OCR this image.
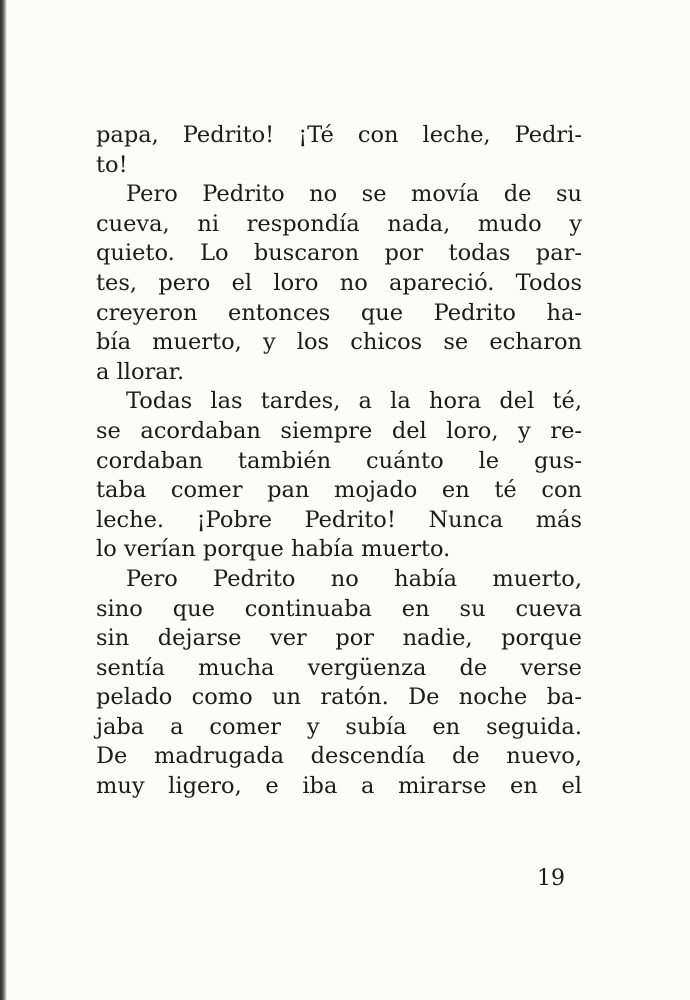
papa, Pedrito! ¡Té con leche, Pedri-
to!
Pero Pedrito no se movía de su
cueva, ni respondía nada, mudo y
quieto. Lo buscaron por todas par-
tes, pero el loro no apareció. Todos
creyeron entonces que Pedrito ha-
bía muerto, y los chicos se echaron
a llorar.
Todas las tardes, a la hora del té,
se acordaban siempre del loro, y re-
cordaban también cuánto le gus-
taba comer pan mojado en té con
leche. ¡Pobre Pedrito! Nunca más
lo verían porque había muerto.
Pero Pedrito no había muerto,
sino que continuaba en su cueva
sin dejarse ver por nadie, porque
sentía mucha vergüenza de verse
pelado como un ratón. De noche ba-
jaba a comer y subía en seguida.
De madrugada descendía de nuevo,
muy ligero, e iba a mirarse en el
19
